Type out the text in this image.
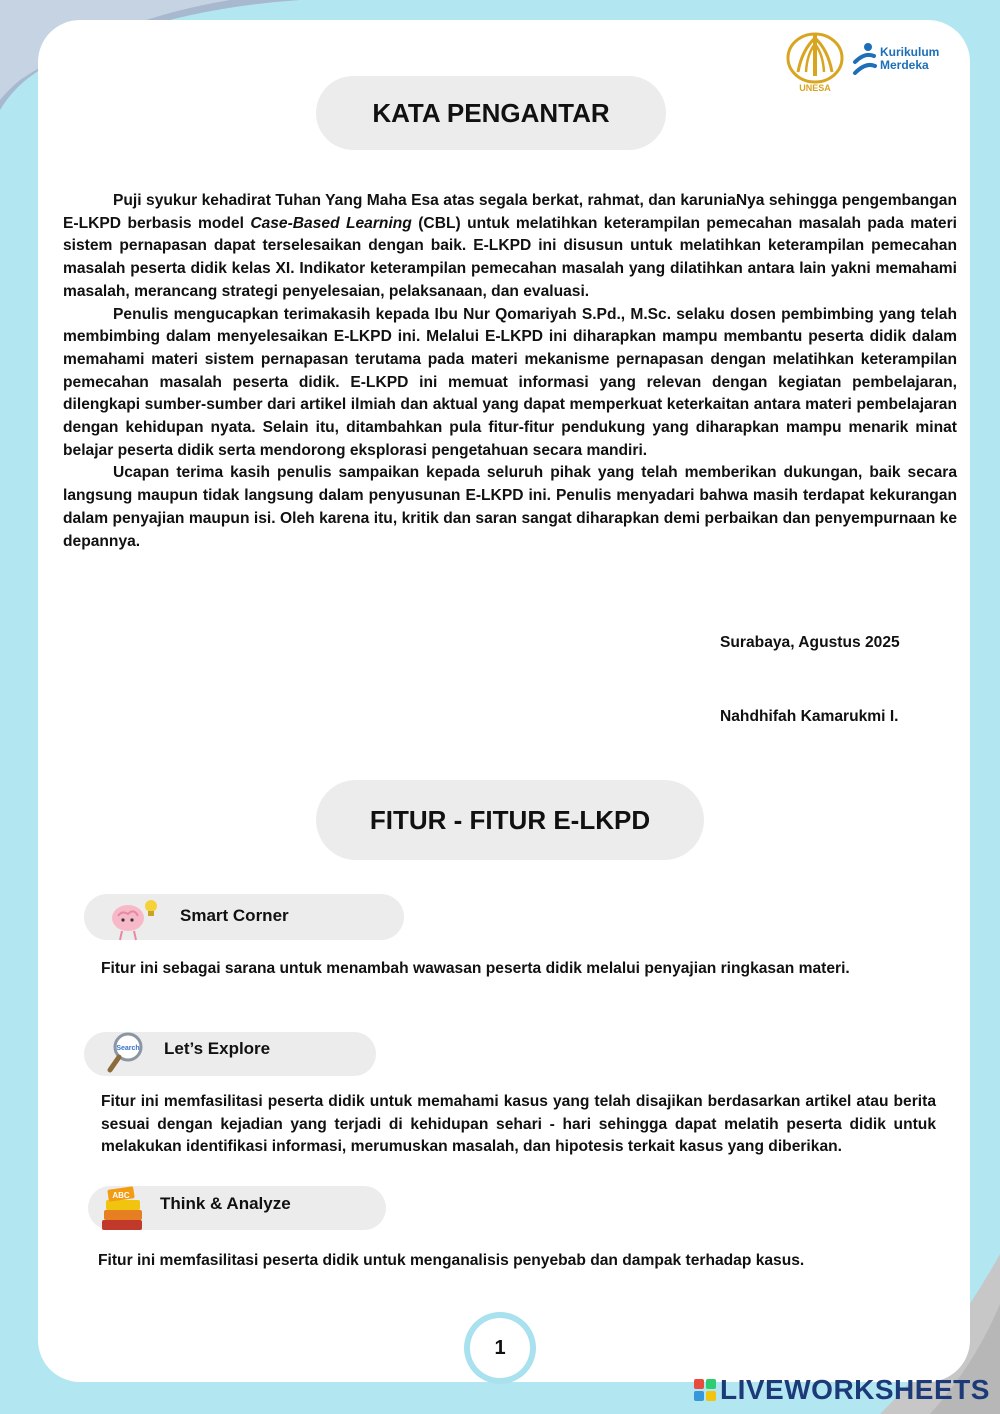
UNESA
Kurikulum
Merdeka
KATA PENGANTAR

Puji syukur kehadirat Tuhan Yang Maha Esa atas segala berkat, rahmat, dan karuniaNya sehingga pengembangan E-LKPD berbasis model Case-Based Learning (CBL) untuk melatihkan keterampilan pemecahan masalah pada materi sistem pernapasan dapat terselesaikan dengan baik. E-LKPD ini disusun untuk melatihkan keterampilan pemecahan masalah peserta didik kelas XI. Indikator keterampilan pemecahan masalah yang dilatihkan antara lain yakni memahami masalah, merancang strategi penyelesaian, pelaksanaan, dan evaluasi.

Penulis mengucapkan terimakasih kepada Ibu Nur Qomariyah S.Pd., M.Sc. selaku dosen pembimbing yang telah membimbing dalam menyelesaikan E-LKPD ini. Melalui E-LKPD ini diharapkan mampu membantu peserta didik dalam memahami materi sistem pernapasan terutama pada materi mekanisme pernapasan dengan melatihkan keterampilan pemecahan masalah peserta didik. E-LKPD ini memuat informasi yang relevan dengan kegiatan pembelajaran, dilengkapi sumber-sumber dari artikel ilmiah dan aktual yang dapat memperkuat keterkaitan antara materi pembelajaran dengan kehidupan nyata. Selain itu, ditambahkan pula fitur-fitur pendukung yang diharapkan mampu menarik minat belajar peserta didik serta mendorong eksplorasi pengetahuan secara mandiri.

Ucapan terima kasih penulis sampaikan kepada seluruh pihak yang telah memberikan dukungan, baik secara langsung maupun tidak langsung dalam penyusunan E-LKPD ini. Penulis menyadari bahwa masih terdapat kekurangan dalam penyajian maupun isi. Oleh karena itu, kritik dan saran sangat diharapkan demi perbaikan dan penyempurnaan ke depannya.

Surabaya, Agustus 2025
Nahdhifah Kamarukmi I.
FITUR - FITUR E-LKPD
Smart Corner
Fitur ini sebagai sarana untuk menambah wawasan peserta didik melalui penyajian ringkasan materi.
Search Let’s Explore
Fitur ini memfasilitasi peserta didik untuk memahami kasus yang telah disajikan berdasarkan artikel atau berita sesuai dengan kejadian yang terjadi di kehidupan sehari - hari sehingga dapat melatih peserta didik untuk melakukan identifikasi informasi, merumuskan masalah, dan hipotesis terkait kasus yang diberikan.
ABC Think & Analyze
Fitur ini memfasilitasi peserta didik untuk menganalisis penyebab dan dampak terhadap kasus.
1
LIVEWORKSHEETS
